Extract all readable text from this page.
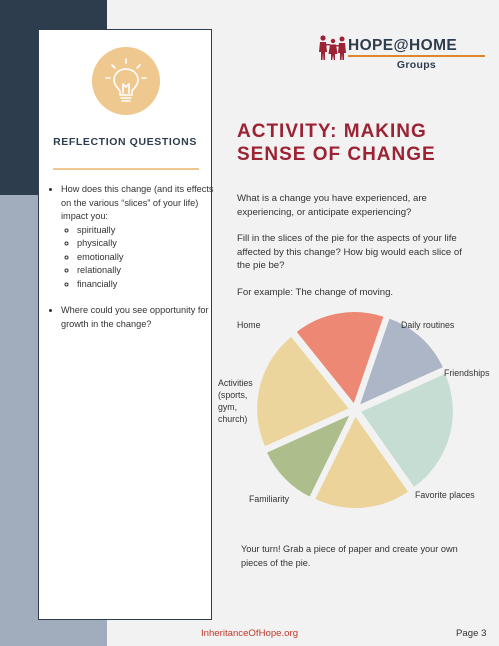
REFLECTION QUESTIONS
• How does this change (and its effects on the various “slices” of your life) impact you:
◦ spiritually
◦ physically
◦ emotionally
◦ relationally
◦ financially
• Where could you see opportunity for growth in the change?
HOPE@HOME
Groups
ACTIVITY: MAKING
SENSE OF CHANGE

What is a change you have experienced, are experiencing, or anticipate experiencing?

Fill in the slices of the pie for the aspects of your life affected by this change? How big would each slice of the pie be?

For example: The change of moving.

Home	Daily routines
Friendships
Activities (sports, gym, church)
Familiarity	Favorite places

Your turn! Grab a piece of paper and create your own pieces of the pie.

InheritanceOfHope.org	Page 3
